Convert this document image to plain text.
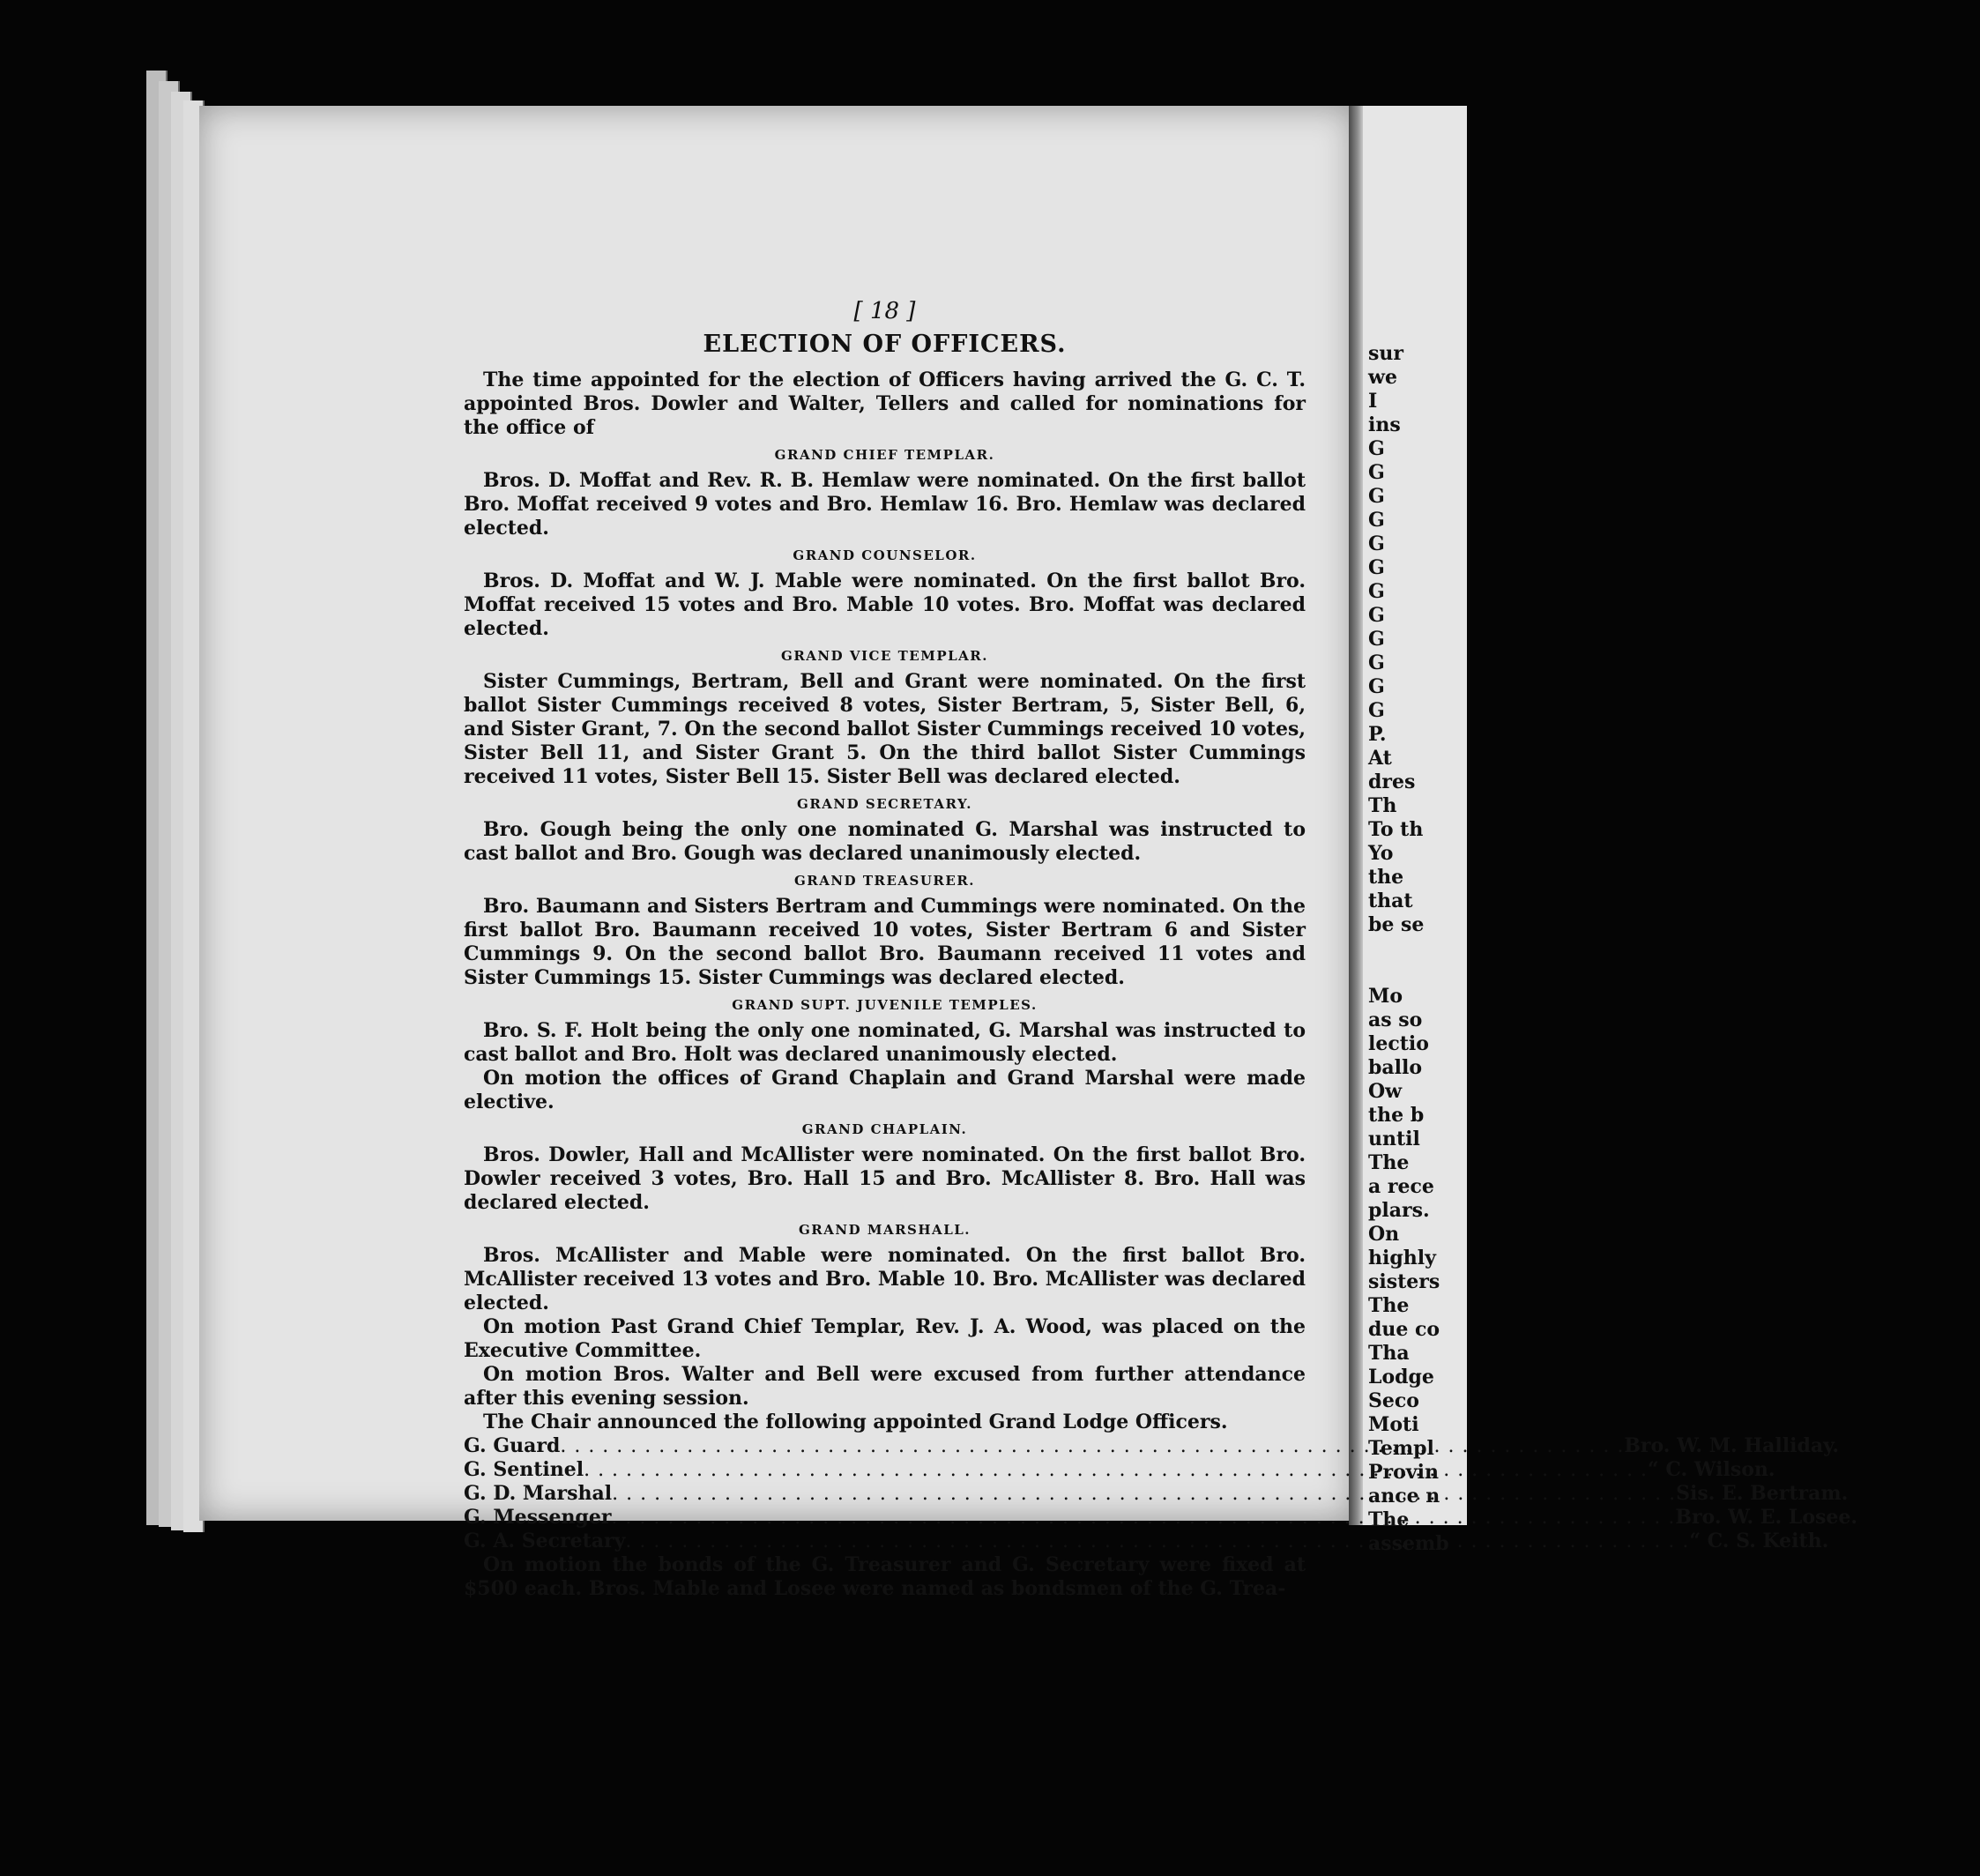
sur
we
I
ins
G
G
G
G
G
G
G
G
G
G
G
G
P.
At
dres
Th
To th
Yo
the
that
be se
Mo
as so
lectio
ballo
Ow
the b
until
The
a rece
plars.
On
highly
sisters
The
due co
Tha
Lodge
Seco
Moti
Templ
Provin
ance n
The
assemb
[ 18 ]
ELECTION OF OFFICERS.

The time appointed for the election of Officers having arrived the G. C. T. appointed Bros. Dowler and Walter, Tellers and called for nominations for the office of

GRAND CHIEF TEMPLAR.

Bros. D. Moffat and Rev. R. B. Hemlaw were nominated. On the first ballot Bro. Moffat received 9 votes and Bro. Hemlaw 16. Bro. Hemlaw was declared elected.

GRAND COUNSELOR.

Bros. D. Moffat and W. J. Mable were nominated. On the first ballot Bro. Moffat received 15 votes and Bro. Mable 10 votes. Bro. Moffat was declared elected.

GRAND VICE TEMPLAR.

Sister Cummings, Bertram, Bell and Grant were nominated. On the first ballot Sister Cummings received 8 votes, Sister Bertram, 5, Sister Bell, 6, and Sister Grant, 7. On the second ballot Sister Cummings received 10 votes, Sister Bell 11, and Sister Grant 5. On the third ballot Sister Cummings received 11 votes, Sister Bell 15. Sister Bell was declared elected.

GRAND SECRETARY.

Bro. Gough being the only one nominated G. Marshal was instructed to cast ballot and Bro. Gough was declared unanimously elected.

GRAND TREASURER.

Bro. Baumann and Sisters Bertram and Cummings were nominated. On the first ballot Bro. Baumann received 10 votes, Sister Bertram 6 and Sister Cummings 9. On the second ballot Bro. Baumann received 11 votes and Sister Cummings 15. Sister Cummings was declared elected.

GRAND SUPT. JUVENILE TEMPLES.

Bro. S. F. Holt being the only one nominated, G. Marshal was instructed to cast ballot and Bro. Holt was declared unanimously elected.

On motion the offices of Grand Chaplain and Grand Marshal were made elective.

GRAND CHAPLAIN.

Bros. Dowler, Hall and McAllister were nominated. On the first ballot Bro. Dowler received 3 votes, Bro. Hall 15 and Bro. McAllister 8. Bro. Hall was declared elected.

GRAND MARSHALL.

Bros. McAllister and Mable were nominated. On the first ballot Bro. McAllister received 13 votes and Bro. Mable 10. Bro. McAllister was declared elected.

On motion Past Grand Chief Templar, Rev. J. A. Wood, was placed on the Executive Committee.

On motion Bros. Walter and Bell were excused from further attendance after this evening session.

The Chair announced the following appointed Grand Lodge Officers.

G. Guard . . .	Bro. W. M. Halliday.
G. Sentinel . . .	“ C. Wilson.
G. D. Marshal . . .	Sis. E. Bertram.
G. Messenger . . .	Bro. W. E. Losee.
G. A. Secretary . . .	“ C. S. Keith.

On motion the bonds of the G. Treasurer and G. Secretary were fixed at $500 each. Bros. Mable and Losee were named as bondsmen of the G. Trea-
